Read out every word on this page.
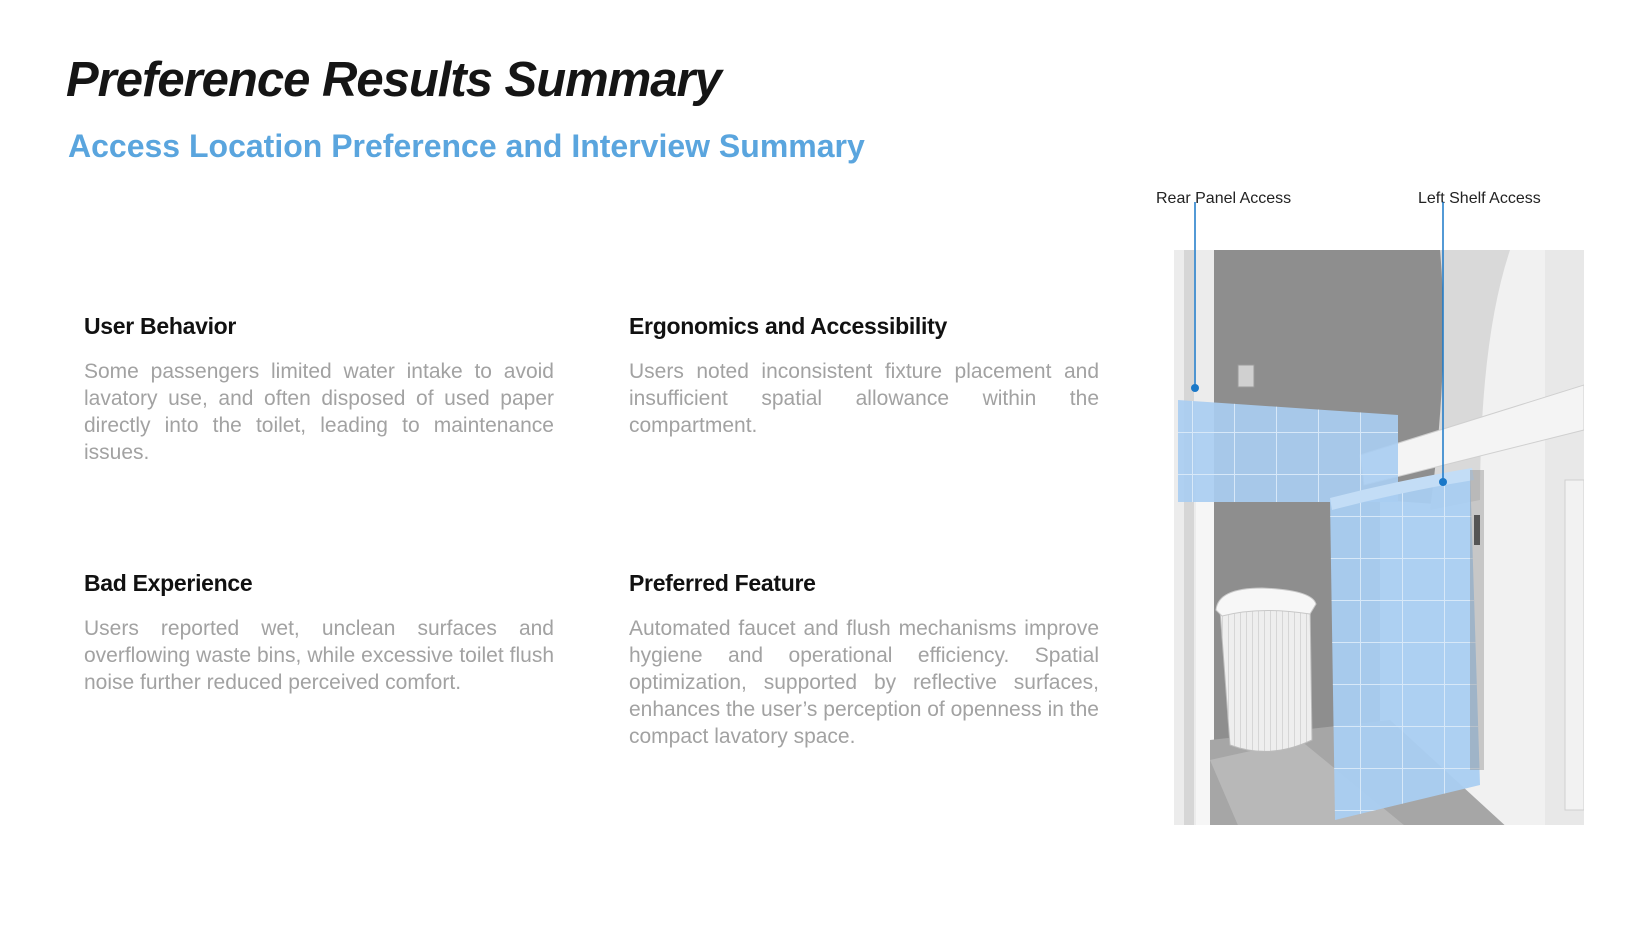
Preference Results Summary
Access Location Preference and Interview Summary
User Behavior

Some passengers limited water intake to avoid lavatory use, and often disposed of used paper directly into the toilet, leading to maintenance issues.

Ergonomics and Accessibility

Users noted inconsistent fixture placement and insufficient spatial allowance within the compartment.

Bad Experience

Users reported wet, unclean surfaces and overflowing waste bins, while excessive toilet flush noise further reduced perceived comfort.

Preferred Feature

Automated faucet and flush mechanisms improve hygiene and operational efficiency. Spatial optimization, supported by reflective surfaces, enhances the user’s perception of openness in the compact lavatory space.

Rear Panel Access	Left Shelf Access
